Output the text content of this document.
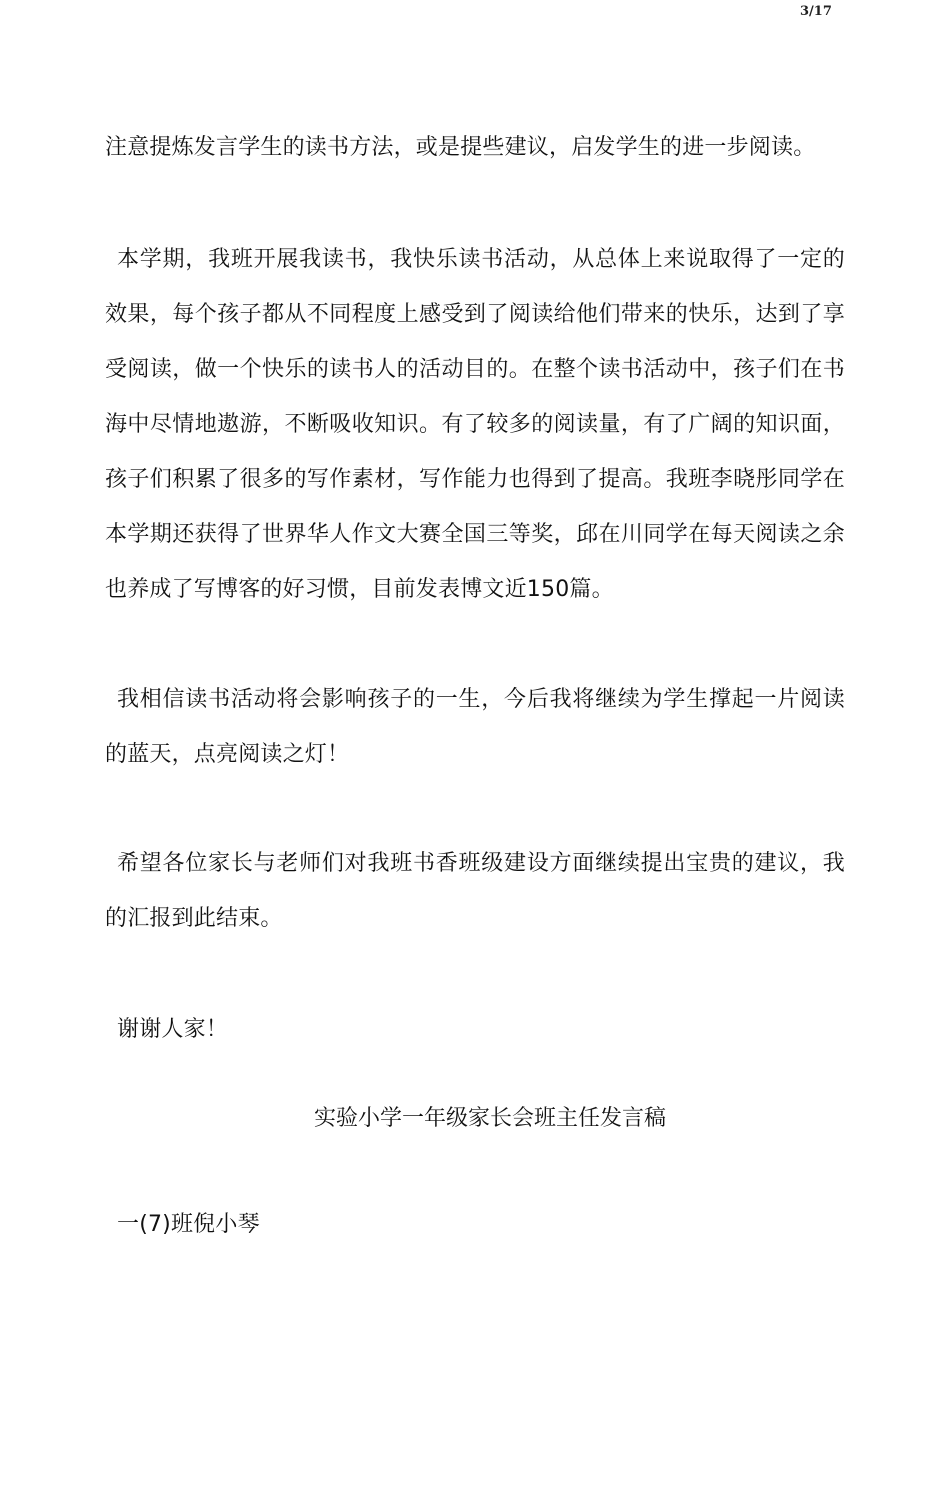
3/17

注意提炼发言学生的读书方法，或是提些建议，启发学生的进一步阅读。

本学期，我班开展我读书，我快乐读书活动，从总体上来说取得了一定的效果，每个孩子都从不同程度上感受到了阅读给他们带来的快乐，达到了享受阅读，做一个快乐的读书人的活动目的。在整个读书活动中，孩子们在书海中尽情地遨游，不断吸收知识。有了较多的阅读量，有了广阔的知识面，孩子们积累了很多的写作素材，写作能力也得到了提高。我班李晓彤同学在本学期还获得了世界华人作文大赛全国三等奖，邱在川同学在每天阅读之余也养成了写博客的好习惯，目前发表博文近150篇。

我相信读书活动将会影响孩子的一生，今后我将继续为学生撑起一片阅读的蓝天，点亮阅读之灯！

希望各位家长与老师们对我班书香班级建设方面继续提出宝贵的建议，我的汇报到此结束。

谢谢人家！

实验小学一年级家长会班主任发言稿

一(7)班倪小琴
